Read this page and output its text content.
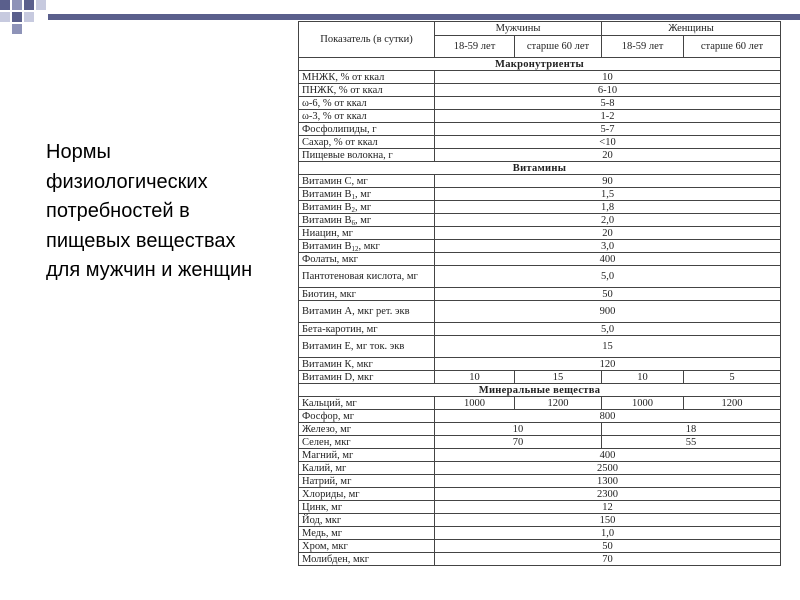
Нормы физиологических потребностей в пищевых веществах для мужчин и женщин
Показатель (в сутки)	Мужчины		Женщины	
	18-59 лет	старше 60 лет	18-59 лет	старше 60 лет
Макронутриенты				
МНЖК, % от ккал	10			
ПНЖК, % от ккал	6-10			
ω-6, % от ккал	5-8			
ω-3, % от ккал	1-2			
Фосфолипиды, г	5-7			
Сахар, % от ккал	<10			
Пищевые волокна, г	20			
Витамины				
Витамин С, мг	90			
Витамин $В_1$, мг	1,5			
Витамин $В_2$, мг	1,8			
Витамин $В_6$, мг	2,0			
Ниацин, мг	20			
Витамин $В_{12}$, мкг	3,0			
Фолаты, мкг	400			
Пантотеновая кислота, мг	5,0			
Биотин, мкг	50			
Витамин А, мкг рет. экв	900			
Бета-каротин, мг	5,0			
Витамин Е, мг ток. экв	15			
Витамин К, мкг	120			
Витамин D, мкг	10	15	10	5
Минеральные вещества				
Кальций, мг	1000	1200	1000	1200
Фосфор, мг	800			
Железо, мг	10		18	
Селен, мкг	70		55	
Магний, мг	400			
Калий, мг	2500			
Натрий, мг	1300			
Хлориды, мг	2300			
Цинк, мг	12			
Йод, мкг	150			
Медь, мг	1,0			
Хром, мкг	50			
Молибден, мкг	70			
